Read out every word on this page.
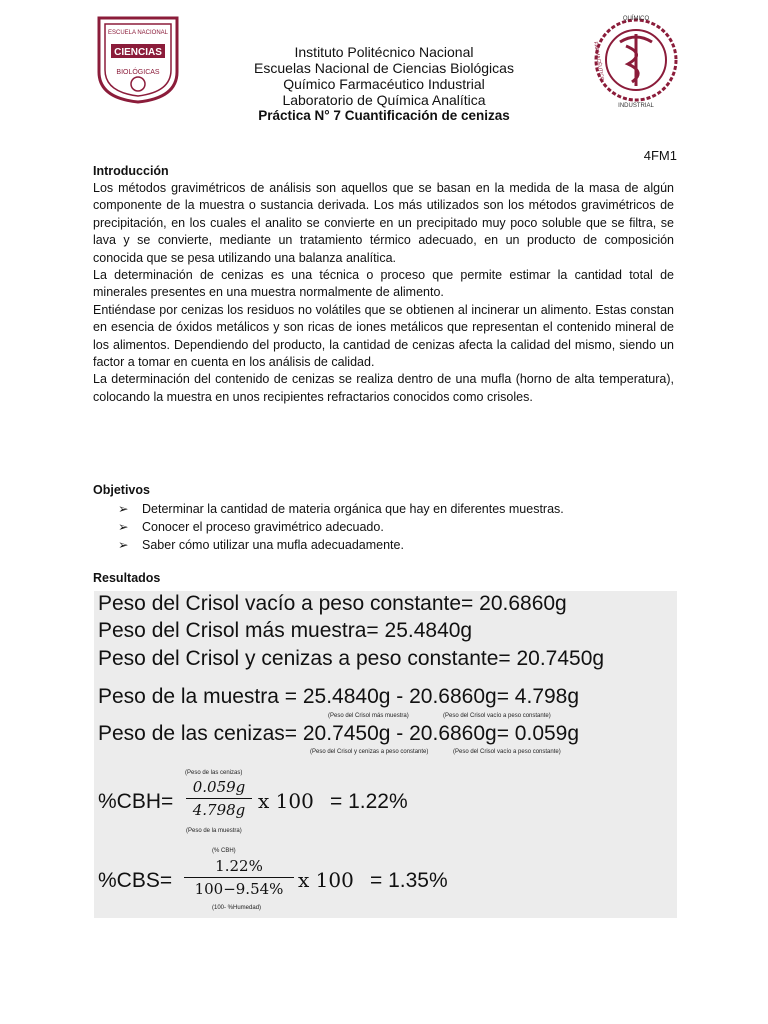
ESCUELA NACIONAL
CIENCIAS
BIOLÓGICAS
Instituto Politécnico Nacional
Escuelas Nacional de Ciencias Biológicas
Químico Farmacéutico Industrial
Laboratorio de Química Analítica
Práctica N° 7 Cuantificación de cenizas
QUÍMICO
INDUSTRIAL
FARMACÉUTICO
4FM1
Introducción

Los métodos gravimétricos de análisis son aquellos que se basan en la medida de la masa de algún componente de la muestra o sustancia derivada. Los más utilizados son los métodos gravimétricos de precipitación, en los cuales el analito se convierte en un precipitado muy poco soluble que se filtra, se lava y se convierte, mediante un tratamiento térmico adecuado, en un producto de composición conocida que se pesa utilizando una balanza analítica.

La determinación de cenizas es una técnica o proceso que permite estimar la cantidad total de minerales presentes en una muestra normalmente de alimento.

Entiéndase por cenizas los residuos no volátiles que se obtienen al incinerar un alimento. Estas constan en esencia de óxidos metálicos y son ricas de iones metálicos que representan el contenido mineral de los alimentos. Dependiendo del producto, la cantidad de cenizas afecta la calidad del mismo, siendo un factor a tomar en cuenta en los análisis de calidad.

La determinación del contenido de cenizas se realiza dentro de una mufla (horno de alta temperatura), colocando la muestra en unos recipientes refractarios conocidos como crisoles.

Objetivos
➢ Determinar la cantidad de materia orgánica que hay en diferentes muestras.
➢ Conocer el proceso gravimétrico adecuado.
➢ Saber cómo utilizar una mufla adecuadamente.
Resultados
Peso del Crisol vacío a peso constante= 20.6860g
Peso del Crisol más muestra= 25.4840g
Peso del Crisol y cenizas a peso constante= 20.7450g
Peso de la muestra = 25.4840g - 20.6860g= 4.798g
(Peso del Crisol más muestra)	(Peso del Crisol vacío a peso constante)
Peso de las cenizas= 20.7450g - 20.6860g= 0.059g
(Peso del Crisol y cenizas a peso constante)	(Peso del Crisol vacío a peso constante)
(Peso de las cenizas)
%CBH=
0.059g
4.798g x 100 = 1.22%
(Peso de la muestra)
(% CBH)
%CBS=
1.22%
100−9.54% x 100 = 1.35%
(100- %Humedad)
